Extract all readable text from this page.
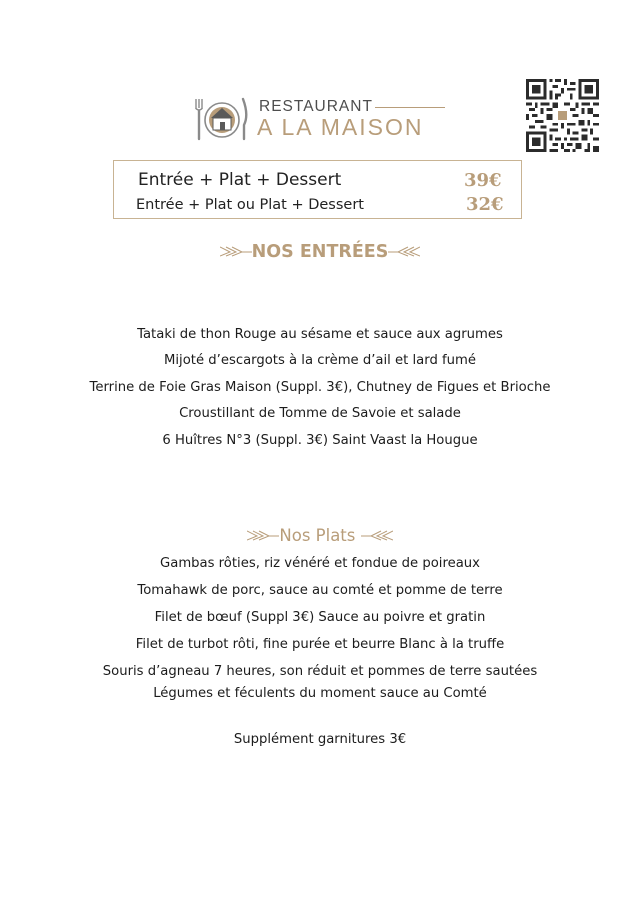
RESTAURANT
A LA MAISON
Entrée + Plat + Dessert	39€
Entrée + Plat ou Plat + Dessert	32€
NOS ENTRÉES
Tataki de thon Rouge au sésame et sauce aux agrumes
Mijoté d’escargots à la crème d’ail et lard fumé
Terrine de Foie Gras Maison (Suppl. 3€), Chutney de Figues et Brioche
Croustillant de Tomme de Savoie et salade
6 Huîtres N°3 (Suppl. 3€) Saint Vaast la Hougue
Nos Plats
Gambas rôties, riz vénéré et fondue de poireaux
Tomahawk de porc, sauce au comté et pomme de terre
Filet de bœuf (Suppl 3€) Sauce au poivre et gratin
Filet de turbot rôti, fine purée et beurre Blanc à la truffe
Souris d’agneau 7 heures, son réduit et pommes de terre sautées
Légumes et féculents du moment sauce au Comté
Supplément garnitures 3€
